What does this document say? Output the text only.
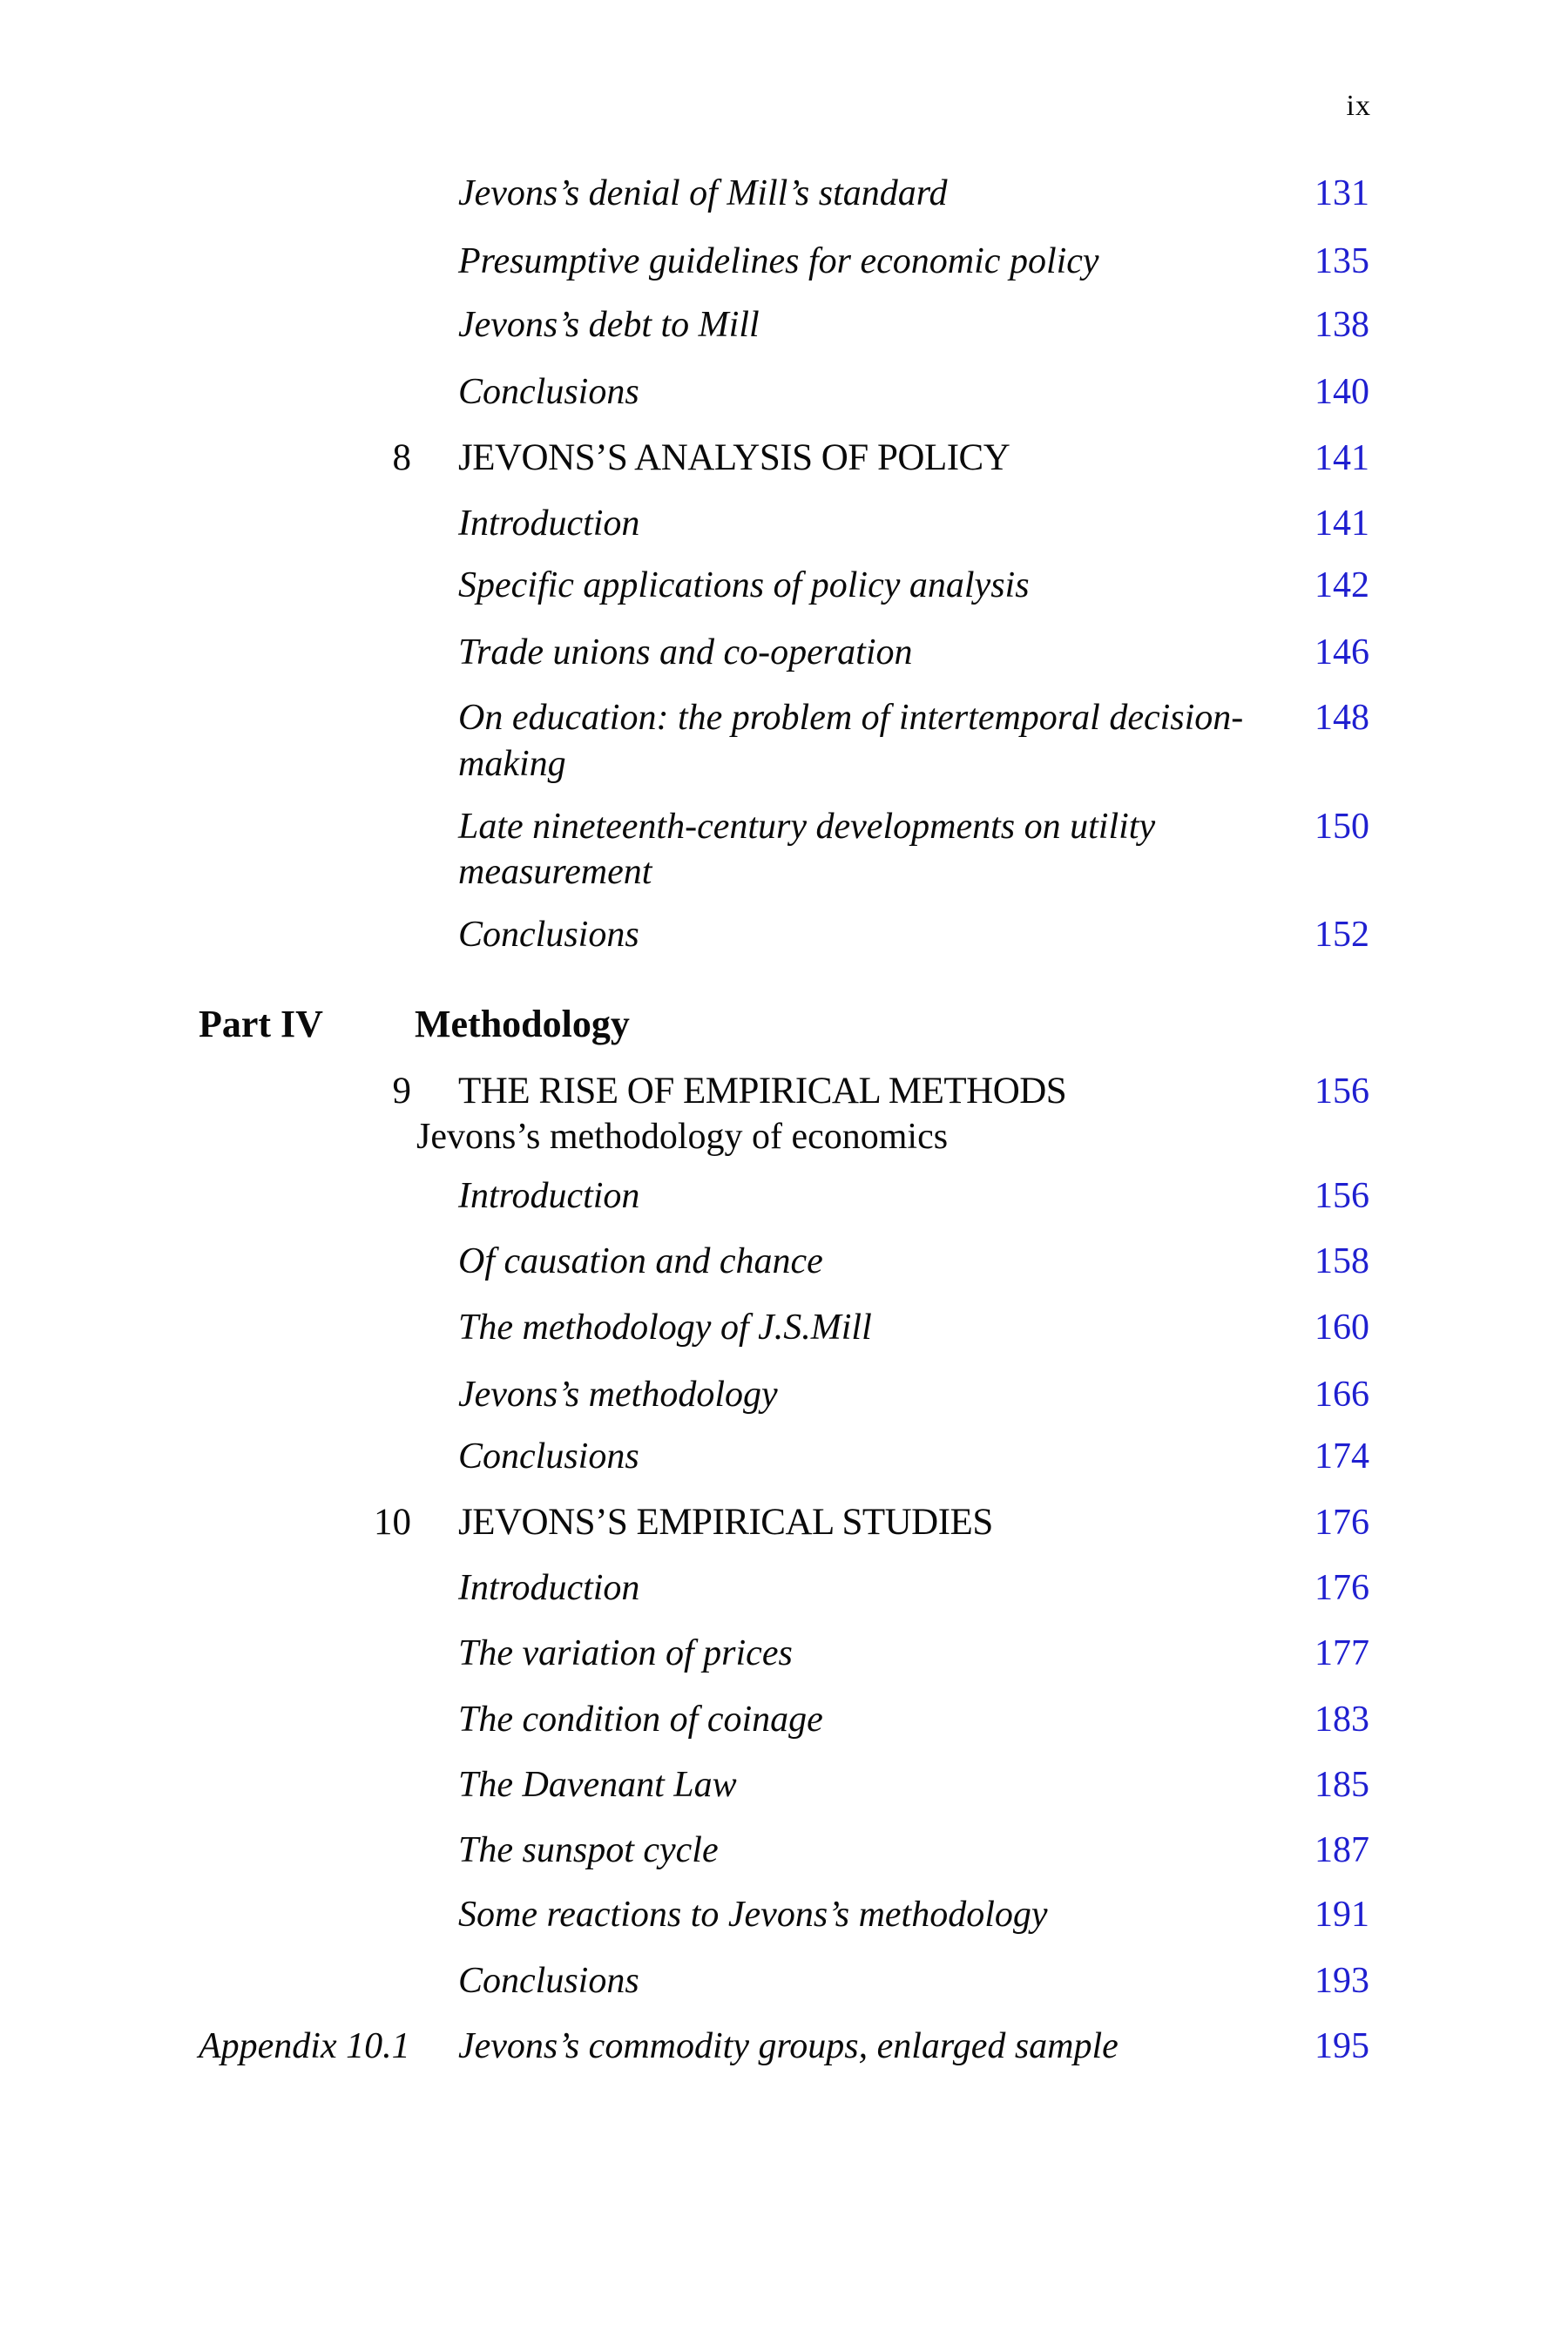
ix
Jevons’s denial of Mill’s standard	131
Presumptive guidelines for economic policy	135
Jevons’s debt to Mill	138
Conclusions	140
8 JEVONS’S ANALYSIS OF POLICY	141
Introduction	141
Specific applications of policy analysis	142
Trade unions and co-operation	146
On education: the problem of intertemporal decision-	148
making
Late nineteenth-century developments on utility	150
measurement
Conclusions	152
Part IV Methodology
9 THE RISE OF EMPIRICAL METHODS	156
Jevons’s methodology of economics
Introduction	156
Of causation and chance	158
The methodology of J.S.Mill	160
Jevons’s methodology	166
Conclusions	174
10 JEVONS’S EMPIRICAL STUDIES	176
Introduction	176
The variation of prices	177
The condition of coinage	183
The Davenant Law	185
The sunspot cycle	187
Some reactions to Jevons’s methodology	191
Conclusions	193
Appendix 10.1 Jevons’s commodity groups, enlarged sample	195
